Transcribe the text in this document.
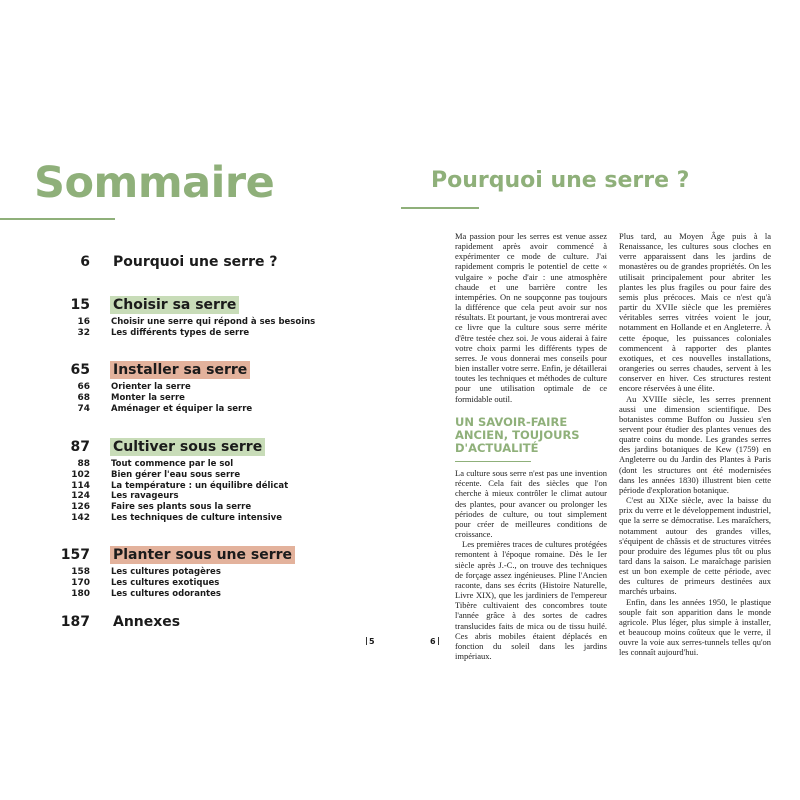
Sommaire
6 Pourquoi une serre ?
15 Choisir sa serre
16 Choisir une serre qui répond à ses besoins
32 Les différents types de serre
65 Installer sa serre
66 Orienter la serre
68 Monter la serre
74 Aménager et équiper la serre
87 Cultiver sous serre
88 Tout commence par le sol
102 Bien gérer l'eau sous serre
114 La température : un équilibre délicat
124 Les ravageurs
126 Faire ses plants sous la serre
142 Les techniques de culture intensive
157 Planter sous une serre
158 Les cultures potagères
170 Les cultures exotiques
180 Les cultures odorantes
187 Annexes
5
Pourquoi une serre ?

Ma passion pour les serres est venue assez rapidement après avoir commencé à expérimenter ce mode de culture. J'ai rapidement compris le potentiel de cette « vulgaire » poche d'air : une atmosphère chaude et une barrière contre les intempéries. On ne soupçonne pas toujours la différence que cela peut avoir sur nos résultats. Et pourtant, je vous montrerai avec ce livre que la culture sous serre mérite d'être testée chez soi. Je vous aiderai à faire votre choix parmi les différents types de serres. Je vous donnerai mes conseils pour bien installer votre serre. Enfin, je détaillerai toutes les techniques et méthodes de culture pour une utilisation optimale de ce formidable outil.

UN SAVOIR-FAIRE ANCIEN, TOUJOURS D'ACTUALITÉ

La culture sous serre n'est pas une invention récente. Cela fait des siècles que l'on cherche à mieux contrôler le climat autour des plantes, pour avancer ou prolonger les périodes de culture, ou tout simplement pour créer de meilleures conditions de croissance.

Les premières traces de cultures protégées remontent à l'époque romaine. Dès le Ier siècle après J.-C., on trouve des techniques de forçage assez ingénieuses. Pline l'Ancien raconte, dans ses écrits (Histoire Naturelle, Livre XIX), que les jardiniers de l'empereur Tibère cultivaient des concombres toute l'année grâce à des sortes de cadres translucides faits de mica ou de tissu huilé. Ces abris mobiles étaient déplacés en fonction du soleil dans les jardins impériaux.

Plus tard, au Moyen Âge puis à la Renaissance, les cultures sous cloches en verre apparaissent dans les jardins de monastères ou de grandes propriétés. On les utilisait principalement pour abriter les plantes les plus fragiles ou pour faire des semis plus précoces. Mais ce n'est qu'à partir du XVIIe siècle que les premières véritables serres vitrées voient le jour, notamment en Hollande et en Angleterre. À cette époque, les puissances coloniales commencent à rapporter des plantes exotiques, et ces nouvelles installations, orangeries ou serres chaudes, servent à les conserver en hiver. Ces structures restent encore réservées à une élite.

Au XVIIIe siècle, les serres prennent aussi une dimension scientifique. Des botanistes comme Buffon ou Jussieu s'en servent pour étudier des plantes venues des quatre coins du monde. Les grandes serres des jardins botaniques de Kew (1759) en Angleterre ou du Jardin des Plantes à Paris (dont les structures ont été modernisées dans les années 1830) illustrent bien cette période d'exploration botanique.

C'est au XIXe siècle, avec la baisse du prix du verre et le développement industriel, que la serre se démocratise. Les maraîchers, notamment autour des grandes villes, s'équipent de châssis et de structures vitrées pour produire des légumes plus tôt ou plus tard dans la saison. Le maraîchage parisien est un bon exemple de cette période, avec des cultures de primeurs destinées aux marchés urbains.

Enfin, dans les années 1950, le plastique souple fait son apparition dans le monde agricole. Plus léger, plus simple à installer, et beaucoup moins coûteux que le verre, il ouvre la voie aux serres-tunnels telles qu'on les connaît aujourd'hui.

6
